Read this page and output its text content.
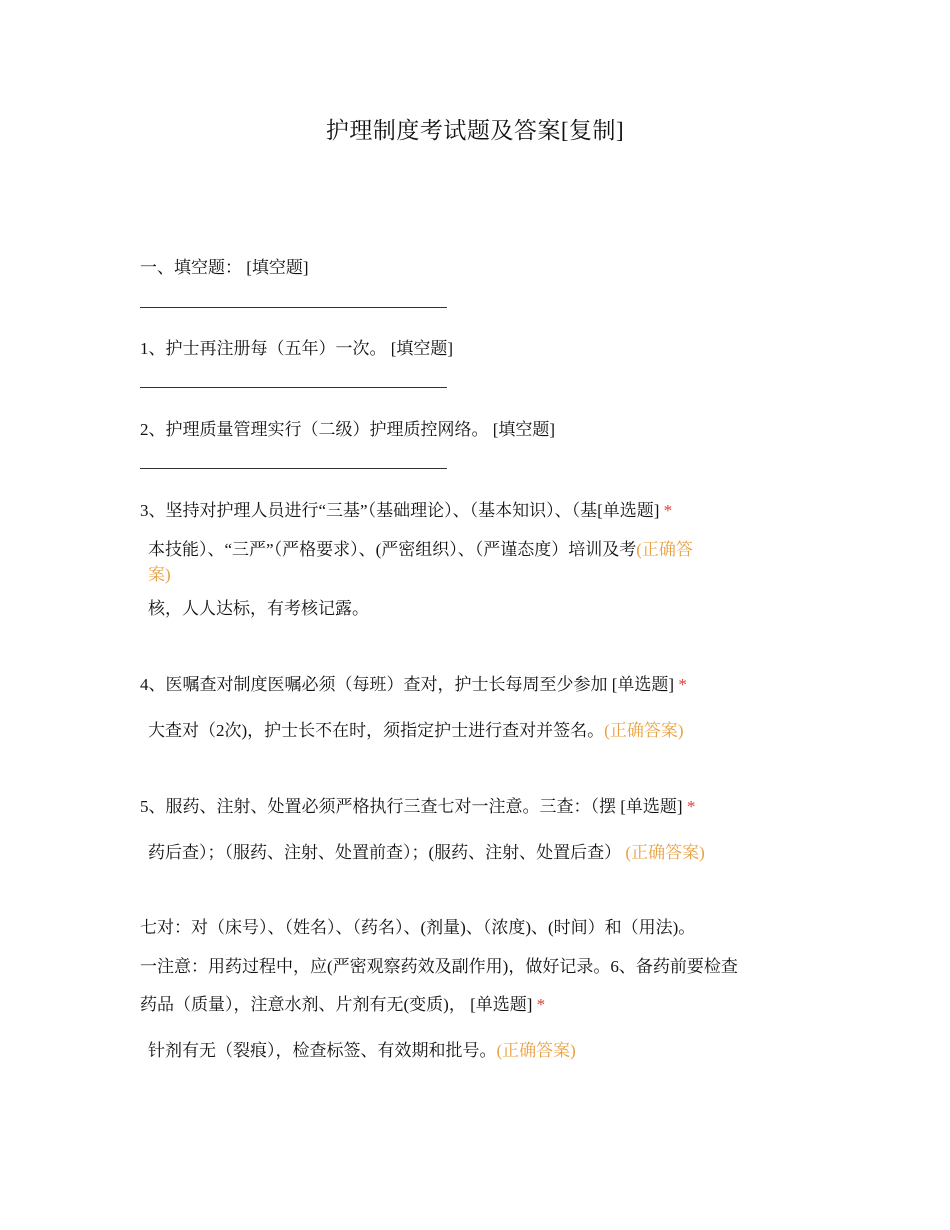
护理制度考试题及答案[复制]
一、填空题： [填空题]
1、护士再注册每（五年）一次。 [填空题]
2、护理质量管理实行（二级）护理质控网络。 [填空题]
3、坚持对护理人员进行“三基”（基础理论）、（基本知识）、（基[单选题] *
本技能）、“三严”（严格要求）、(严密组织）、（严谨态度）培训及考(正确答
案)
核，人人达标，有考核记露。
4、医嘱查对制度医嘱必须（每班）查对，护士长每周至少参加 [单选题] *
大查对（2次)，护士长不在时，须指定护士进行查对并签名。(正确答案)
5、服药、注射、处置必须严格执行三查七对一注意。三查：（摆 [单选题] *
药后查）；（服药、注射、处置前查）；(服药、注射、处置后查） (正确答案)
七对：对（床号）、（姓名）、（药名）、(剂量)、（浓度)、(时间）和（用法)。
一注意：用药过程中，应(严密观察药效及副作用)，做好记录。6、备药前要检查
药品（质量），注意水剂、片剂有无(变质)， [单选题] *
针剂有无（裂痕），检查标签、有效期和批号。(正确答案)
